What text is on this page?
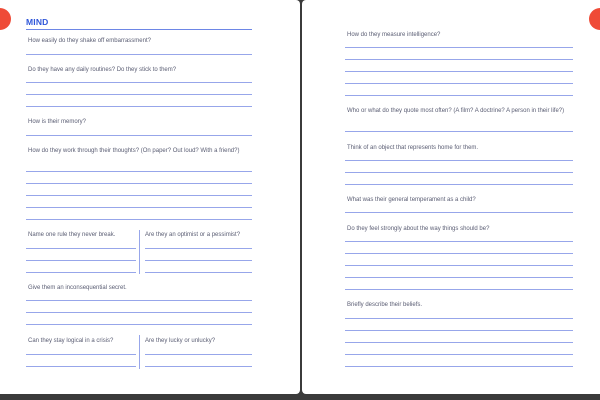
MIND
How easily do they shake off embarrassment?
Do they have any daily routines? Do they stick to them?
How is their memory?
How do they work through their thoughts? (On paper? Out loud? With a friend?)
Name one rule they never break.	Are they an optimist or a pessimist?
Give them an inconsequential secret.
Can they stay logical in a crisis?	Are they lucky or unlucky?
How do they measure intelligence?
Who or what do they quote most often? (A film? A doctrine? A person in their life?)
Think of an object that represents home for them.
What was their general temperament as a child?
Do they feel strongly about the way things should be?
Briefly describe their beliefs.
